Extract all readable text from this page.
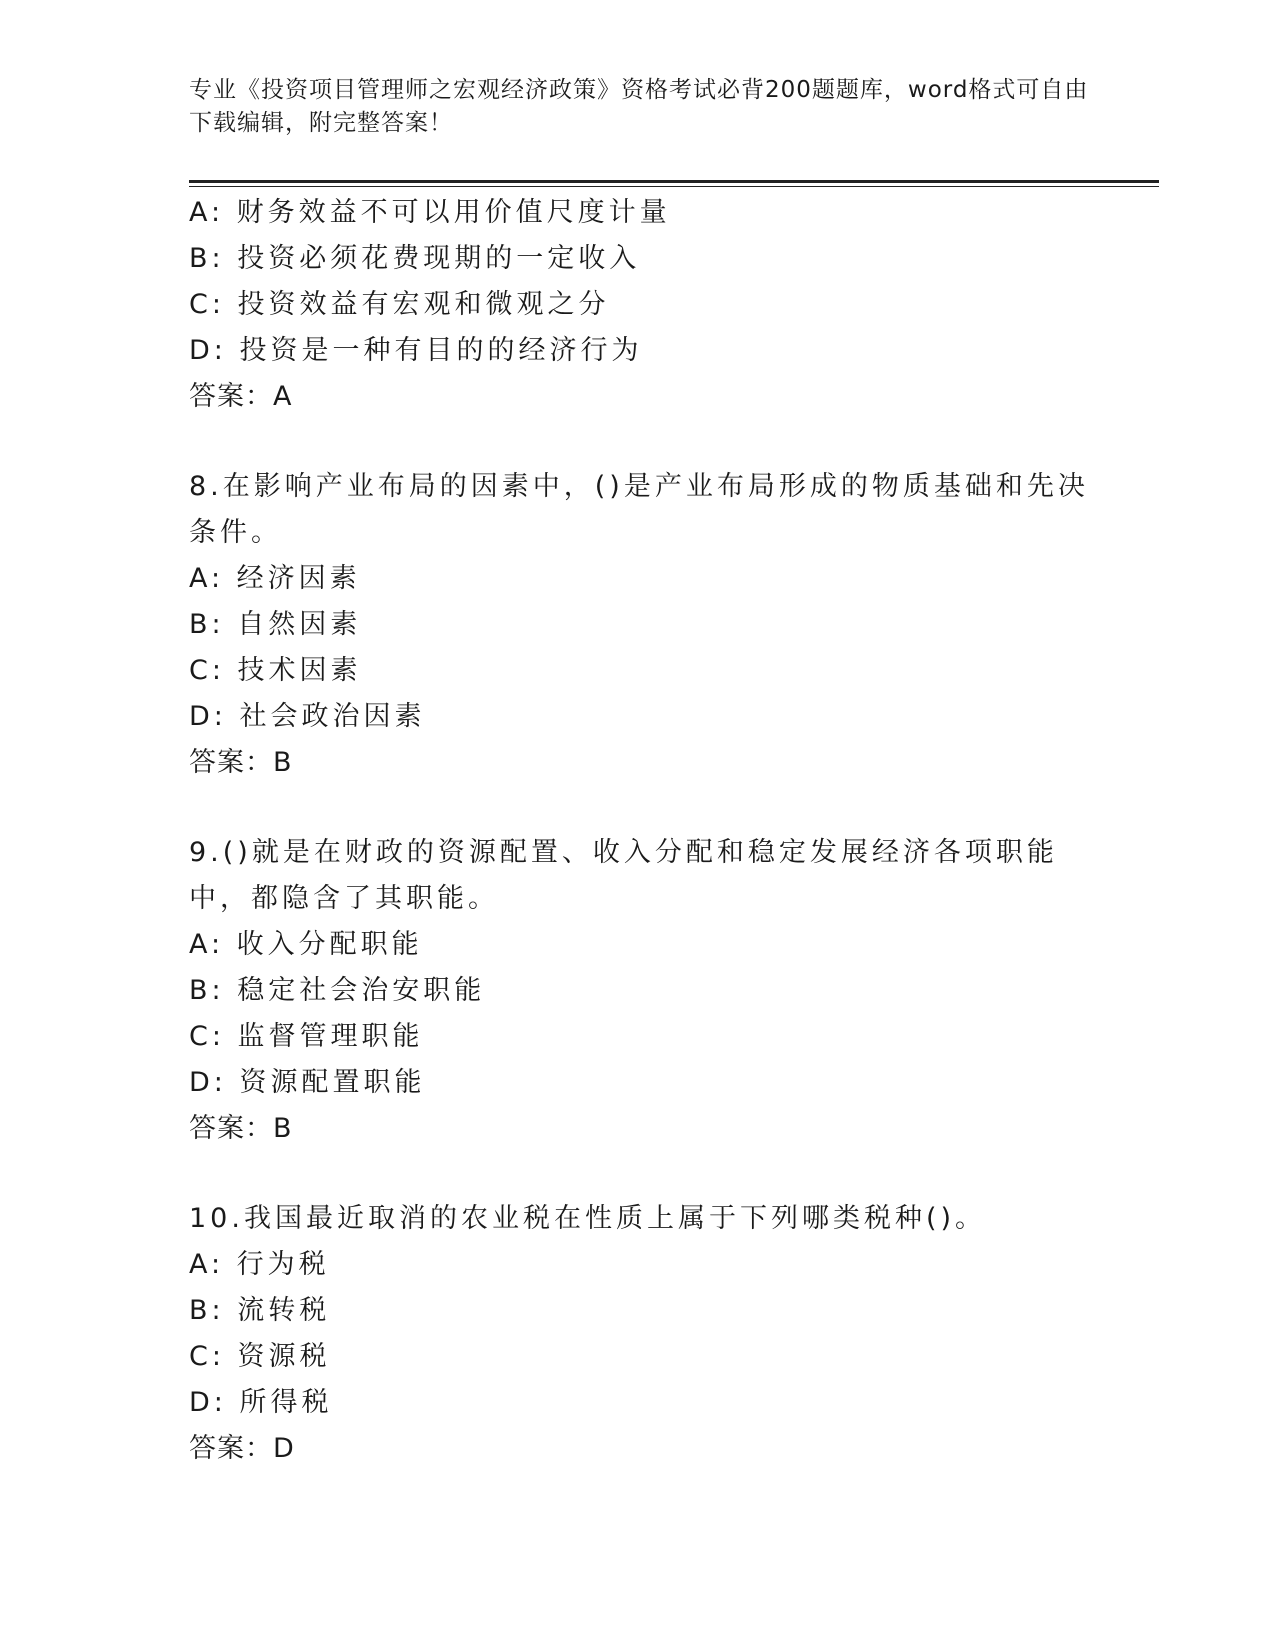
专业《投资项目管理师之宏观经济政策》资格考试必背200题题库，word格式可自由下载编辑，附完整答案！
A: 财务效益不可以用价值尺度计量
B: 投资必须花费现期的一定收入
C: 投资效益有宏观和微观之分
D: 投资是一种有目的的经济行为
答案：A
8.在影响产业布局的因素中，()是产业布局形成的物质基础和先决条件。
A: 经济因素
B: 自然因素
C: 技术因素
D: 社会政治因素
答案：B
9.()就是在财政的资源配置、收入分配和稳定发展经济各项职能中，都隐含了其职能。
A: 收入分配职能
B: 稳定社会治安职能
C: 监督管理职能
D: 资源配置职能
答案：B
10.我国最近取消的农业税在性质上属于下列哪类税种()。
A: 行为税
B: 流转税
C: 资源税
D: 所得税
答案：D
